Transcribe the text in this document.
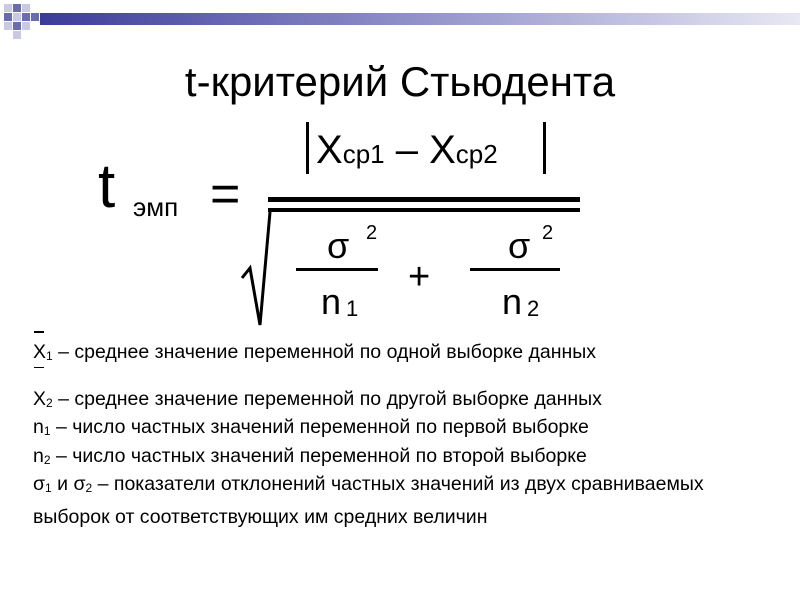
t-критерий Стьюдента
t эмп =
Xср1 – Xср2
σ 2
n 1
+
σ 2
n 2
$X_1$ – среднее значение переменной по одной выборке данных
$X_2$ – среднее значение переменной по другой выборке данных
$n_1$ – число частных значений переменной по первой выборке
$n_2$ – число частных значений переменной по второй выборке
$\sigma_1$ и $\sigma_2$ – показатели отклонений частных значений из двух сравниваемых выборок от соответствующих им средних величин
